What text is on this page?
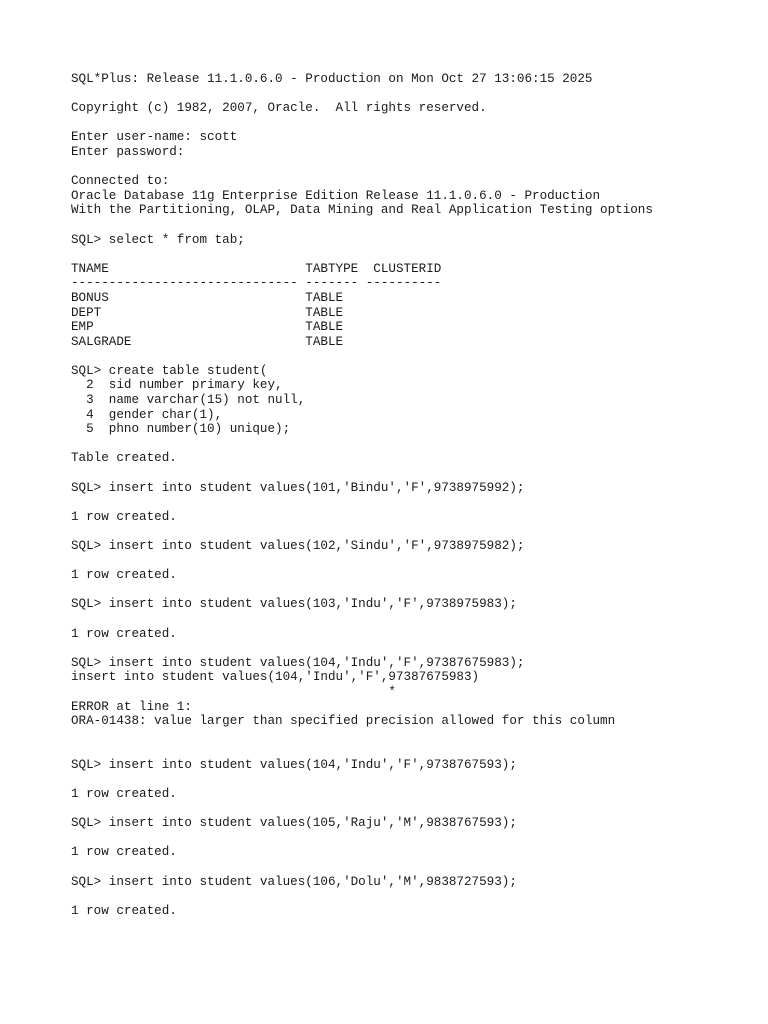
SQL*Plus: Release 11.1.0.6.0 - Production on Mon Oct 27 13:06:15 2025
Copyright (c) 1982, 2007, Oracle.  All rights reserved.
Enter user-name: scott
Enter password:
Connected to:
Oracle Database 11g Enterprise Edition Release 11.1.0.6.0 - Production
With the Partitioning, OLAP, Data Mining and Real Application Testing options
SQL> select * from tab;
TNAME                          TABTYPE  CLUSTERID
------------------------------ ------- ----------
BONUS                          TABLE
DEPT                           TABLE
EMP                            TABLE
SALGRADE                       TABLE
SQL> create table student(
2  sid number primary key,
3  name varchar(15) not null,
4  gender char(1),
5  phno number(10) unique);
Table created.
SQL> insert into student values(101,'Bindu','F',9738975992);
1 row created.
SQL> insert into student values(102,'Sindu','F',9738975982);
1 row created.
SQL> insert into student values(103,'Indu','F',9738975983);
1 row created.
SQL> insert into student values(104,'Indu','F',97387675983);
insert into student values(104,'Indu','F',97387675983)
*
ERROR at line 1:
ORA-01438: value larger than specified precision allowed for this column
SQL> insert into student values(104,'Indu','F',9738767593);
1 row created.
SQL> insert into student values(105,'Raju','M',9838767593);
1 row created.
SQL> insert into student values(106,'Dolu','M',9838727593);
1 row created.
